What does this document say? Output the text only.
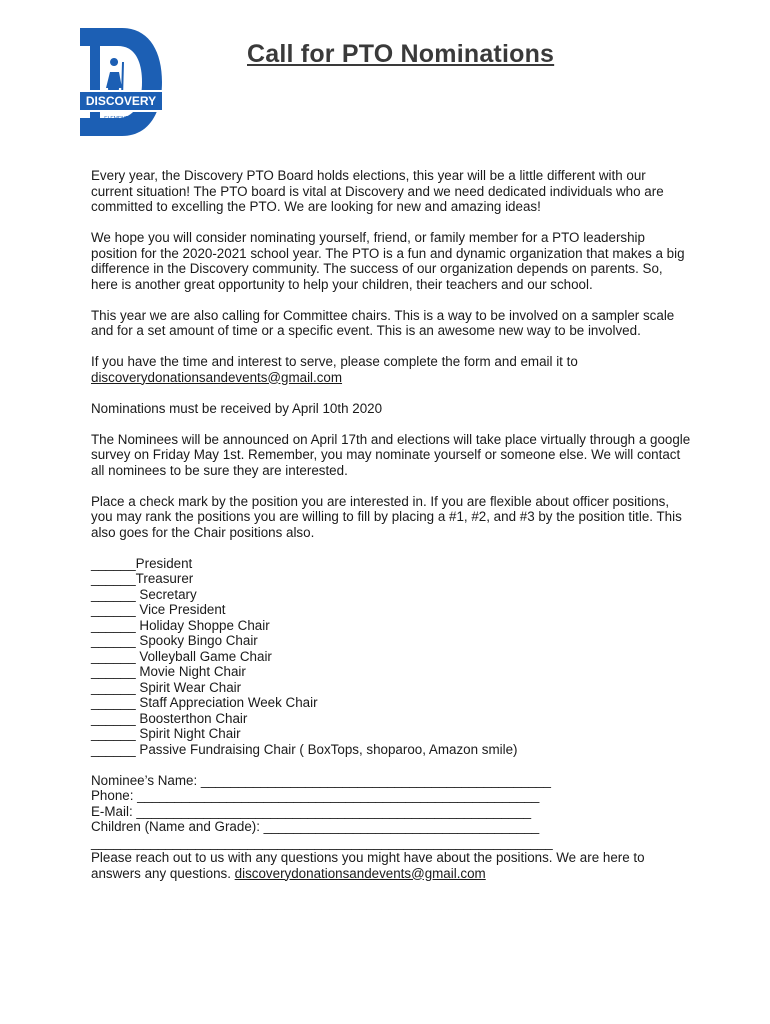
DISCOVERY
ELEMENTARY
Call for PTO Nominations

Every year, the Discovery PTO Board holds elections, this year will be a little different with our current situation! The PTO board is vital at Discovery and we need dedicated individuals who are committed to excelling the PTO. We are looking for new and amazing ideas!

We hope you will consider nominating yourself, friend, or family member for a PTO leadership position for the 2020-2021 school year. The PTO is a fun and dynamic organization that makes a big difference in the Discovery community. The success of our organization depends on parents. So, here is another great opportunity to help your children, their teachers and our school.

This year we are also calling for Committee chairs. This is a way to be involved on a sampler scale and for a set amount of time or a specific event. This is an awesome new way to be involved.

If you have the time and interest to serve, please complete the form and email it to
discoverydonationsandevents@gmail.com

Nominations must be received by April 10th 2020

The Nominees will be announced on April 17th and elections will take place virtually through a google survey on Friday May 1st. Remember, you may nominate yourself or someone else. We will contact all nominees to be sure they are interested.

Place a check mark by the position you are interested in. If you are flexible about officer positions, you may rank the positions you are willing to fill by placing a #1, #2, and #3 by the position title. This also goes for the Chair positions also.

______President
______Treasurer
______ Secretary
______ Vice President
______ Holiday Shoppe Chair
______ Spooky Bingo Chair
______ Volleyball Game Chair
______ Movie Night Chair
______ Spirit Wear Chair
______ Staff Appreciation Week Chair
______ Boosterthon Chair
______ Spirit Night Chair
______ Passive Fundraising Chair ( BoxTops, shoparoo, Amazon smile)
Nominee’s Name: _______________________________________________
Phone: ______________________________________________________
E-Mail: _____________________________________________________
Children (Name and Grade): _____________________________________
______________________________________________________________

Please reach out to us with any questions you might have about the positions. We are here to answers any questions. discoverydonationsandevents@gmail.com
